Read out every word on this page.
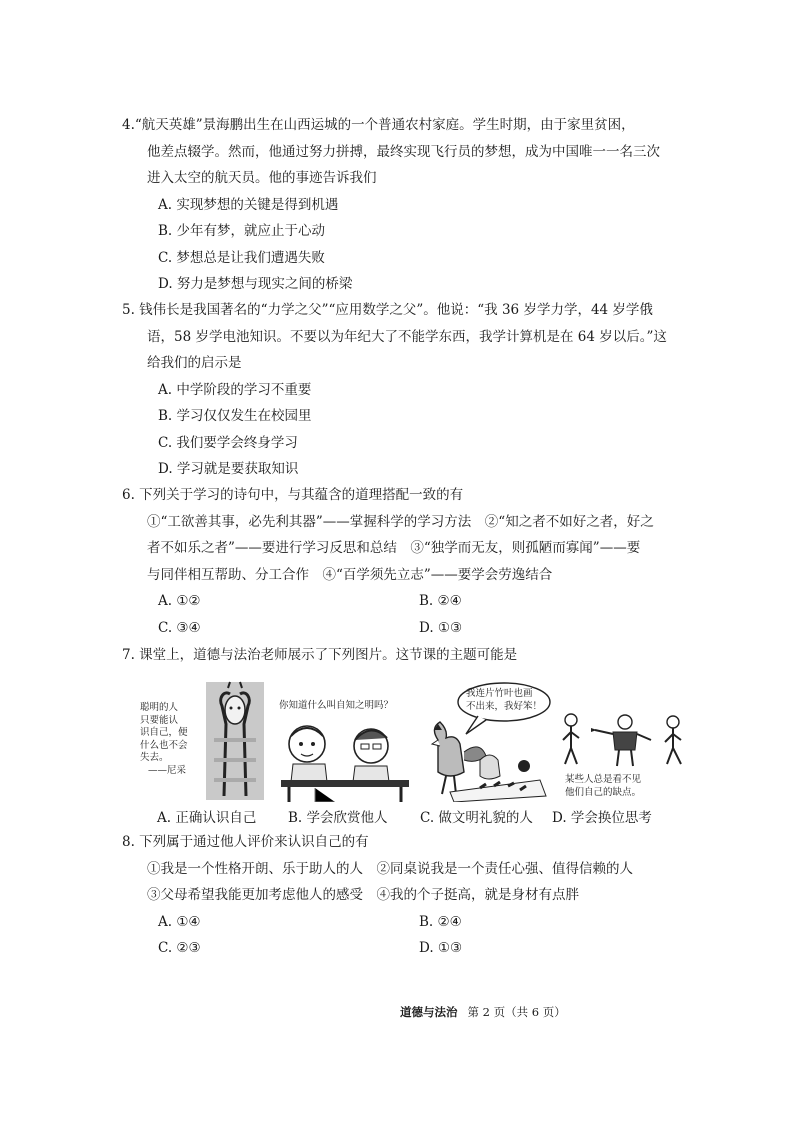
4.“航天英雄”景海鹏出生在山西运城的一个普通农村家庭。学生时期，由于家里贫困，
他差点辍学。然而，他通过努力拼搏，最终实现飞行员的梦想，成为中国唯一一名三次
进入太空的航天员。他的事迹告诉我们
A. 实现梦想的关键是得到机遇
B. 少年有梦，就应止于心动
C. 梦想总是让我们遭遇失败
D. 努力是梦想与现实之间的桥梁
5. 钱伟长是我国著名的“力学之父”“应用数学之父”。他说：“我 36 岁学力学，44 岁学俄
语，58 岁学电池知识。不要以为年纪大了不能学东西，我学计算机是在 64 岁以后。”这
给我们的启示是
A. 中学阶段的学习不重要
B. 学习仅仅发生在校园里
C. 我们要学会终身学习
D. 学习就是要获取知识
6. 下列关于学习的诗句中，与其蕴含的道理搭配一致的有
①“工欲善其事，必先利其器”——掌握科学的学习方法　②“知之者不如好之者，好之
者不如乐之者”——要进行学习反思和总结　③“独学而无友，则孤陋而寡闻”——要
与同伴相互帮助、分工合作　④“百学须先立志”——要学会劳逸结合
A. ①②	B. ②④
C. ③④	D. ①③
7. 课堂上，道德与法治老师展示了下列图片。这节课的主题可能是
聪明的人
只要能认
识自己，便
什么也不会
失去。
——尼采
你知道什么叫自知之明吗？
我连片竹叶也画
不出来，我好笨！
某些人总是看不见
他们自己的缺点。
A. 正确认识自己 B. 学会欣赏他人 C. 做文明礼貌的人 D. 学会换位思考
8. 下列属于通过他人评价来认识自己的有
①我是一个性格开朗、乐于助人的人　②同桌说我是一个责任心强、值得信赖的人
③父母希望我能更加考虑他人的感受　④我的个子挺高，就是身材有点胖
A. ①④	B. ②④
C. ②③	D. ①③
道德与法治 第 2 页（共 6 页）
